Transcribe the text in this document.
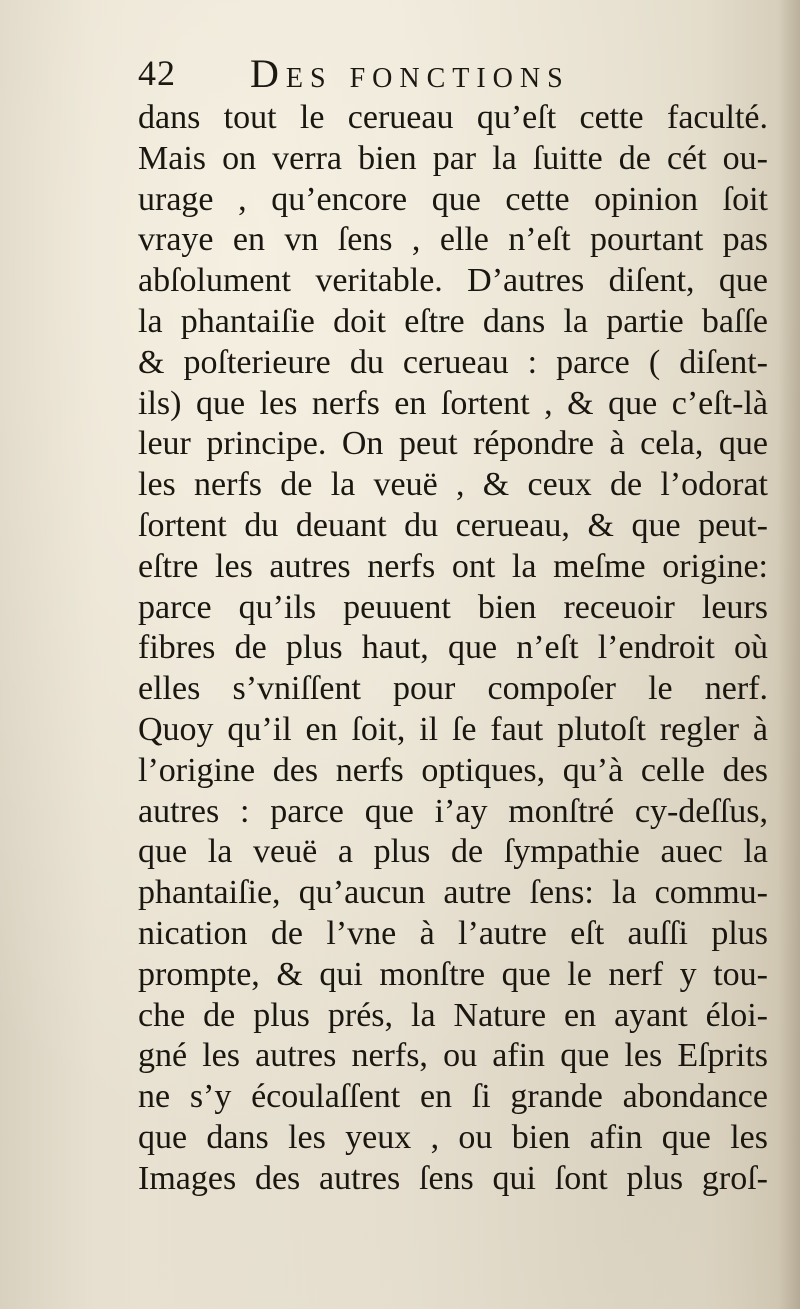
42 Des fonctions
dans tout le cerueau qu’eſt cette faculté.
Mais on verra bien par la ſuitte de cét ou-
urage , qu’encore que cette opinion ſoit
vraye en vn ſens , elle n’eſt pourtant pas
abſolument veritable. D’autres diſent, que
la phantaiſie doit eſtre dans la partie baſſe
& poſterieure du cerueau : parce ( diſent-
ils) que les nerfs en ſortent , & que c’eſt-là
leur principe. On peut répondre à cela, que
les nerfs de la veuë , & ceux de l’odorat
ſortent du deuant du cerueau, & que peut-
eſtre les autres nerfs ont la meſme origine:
parce qu’ils peuuent bien receuoir leurs
fibres de plus haut, que n’eſt l’endroit où
elles s’vniſſent pour compoſer le nerf.
Quoy qu’il en ſoit, il ſe faut plutoſt regler à
l’origine des nerfs optiques, qu’à celle des
autres : parce que i’ay monſtré cy-deſſus,
que la veuë a plus de ſympathie auec la
phantaiſie, qu’aucun autre ſens: la commu-
nication de l’vne à l’autre eſt auſſi plus
prompte, & qui monſtre que le nerf y tou-
che de plus prés, la Nature en ayant éloi-
gné les autres nerfs, ou afin que les Eſprits
ne s’y écoulaſſent en ſi grande abondance
que dans les yeux , ou bien afin que les
Images des autres ſens qui ſont plus groſ-
